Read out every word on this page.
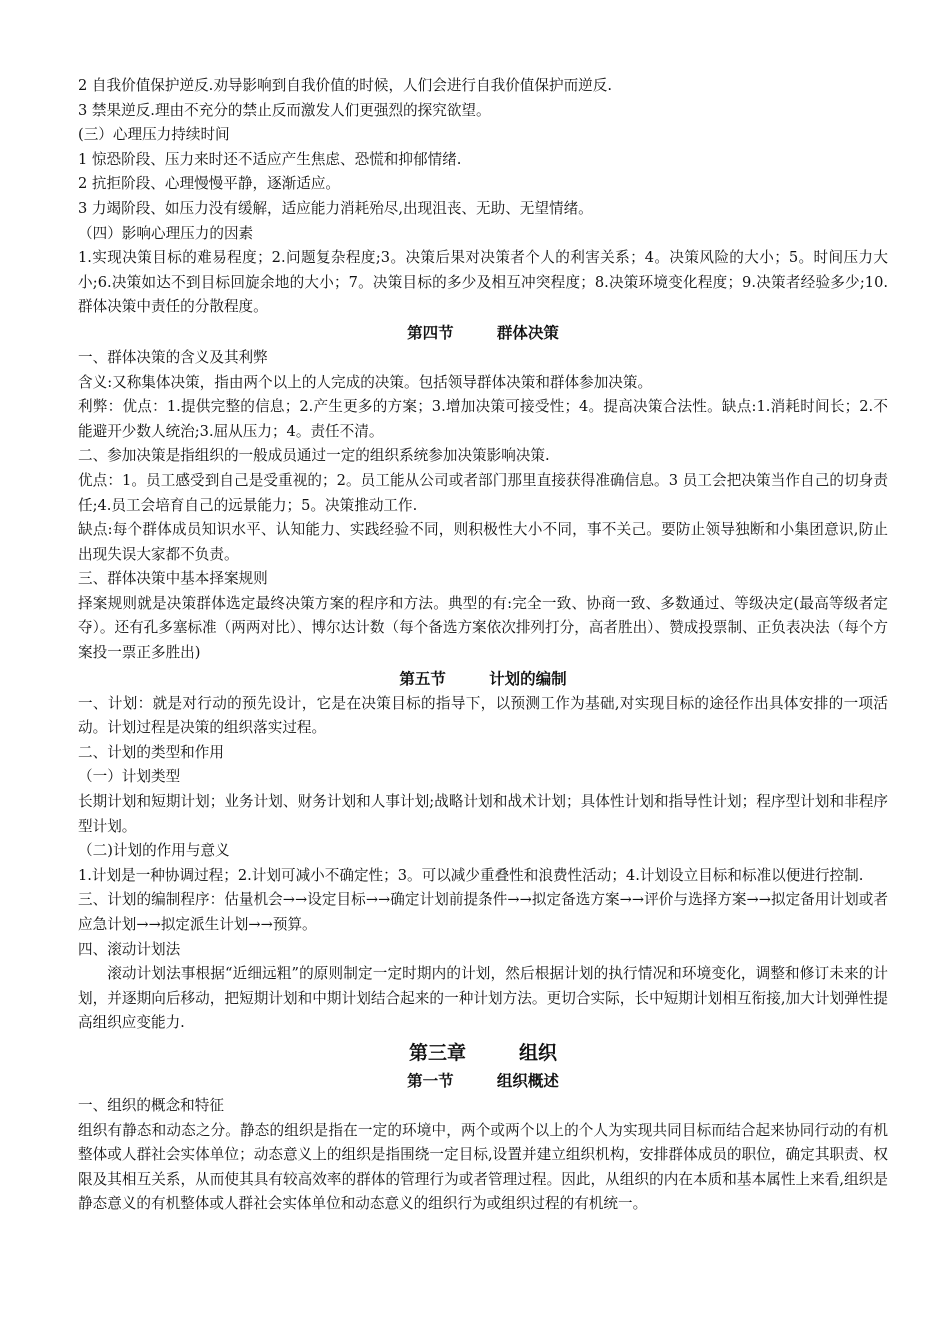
2 自我价值保护逆反.劝导影响到自我价值的时候，人们会进行自我价值保护而逆反.

3 禁果逆反.理由不充分的禁止反而激发人们更强烈的探究欲望。

(三）心理压力持续时间

1 惊恐阶段、压力来时还不适应产生焦虑、恐慌和抑郁情绪.

2 抗拒阶段、心理慢慢平静，逐渐适应。

3 力竭阶段、如压力没有缓解，适应能力消耗殆尽,出现沮丧、无助、无望情绪。

（四）影响心理压力的因素

1.实现决策目标的难易程度；2.问题复杂程度;3。决策后果对决策者个人的利害关系；4。决策风险的大小；5。时间压力大小;6.决策如达不到目标回旋余地的大小；7。决策目标的多少及相互冲突程度；8.决策环境变化程度；9.决策者经验多少;10.群体决策中责任的分散程度。

第四节        群体决策

一、群体决策的含义及其利弊

含义:又称集体决策，指由两个以上的人完成的决策。包括领导群体决策和群体参加决策。

利弊：优点：1.提供完整的信息；2.产生更多的方案；3.增加决策可接受性；4。提高决策合法性。缺点:1.消耗时间长；2.不能避开少数人统治;3.屈从压力；4。责任不清。

二、参加决策是指组织的一般成员通过一定的组织系统参加决策影响决策.

优点：1。员工感受到自己是受重视的；2。员工能从公司或者部门那里直接获得准确信息。3 员工会把决策当作自己的切身责任;4.员工会培育自己的远景能力；5。决策推动工作.

缺点:每个群体成员知识水平、认知能力、实践经验不同，则积极性大小不同，事不关己。要防止领导独断和小集团意识,防止出现失误大家都不负责。

三、群体决策中基本择案规则

择案规则就是决策群体选定最终决策方案的程序和方法。典型的有:完全一致、协商一致、多数通过、等级决定(最高等级者定夺）。还有孔多塞标准（两两对比）、博尔达计数（每个备选方案依次排列打分，高者胜出）、赞成投票制、正负表决法（每个方案投一票正多胜出)

第五节        计划的编制

一、计划：就是对行动的预先设计，它是在决策目标的指导下，以预测工作为基础,对实现目标的途径作出具体安排的一项活动。计划过程是决策的组织落实过程。

二、计划的类型和作用

（一）计划类型

长期计划和短期计划；业务计划、财务计划和人事计划;战略计划和战术计划；具体性计划和指导性计划；程序型计划和非程序型计划。

（二)计划的作用与意义

1.计划是一种协调过程；2.计划可减小不确定性；3。可以减少重叠性和浪费性活动；4.计划设立目标和标准以便进行控制.

三、计划的编制程序：估量机会→→设定目标→→确定计划前提条件→→拟定备选方案→→评价与选择方案→→拟定备用计划或者应急计划→→拟定派生计划→→预算。

四、滚动计划法

滚动计划法事根据“近细远粗”的原则制定一定时期内的计划，然后根据计划的执行情况和环境变化，调整和修订未来的计划，并逐期向后移动，把短期计划和中期计划结合起来的一种计划方法。更切合实际，长中短期计划相互衔接,加大计划弹性提高组织应变能力.

第三章        组织
第一节        组织概述

一、组织的概念和特征

组织有静态和动态之分。静态的组织是指在一定的环境中，两个或两个以上的个人为实现共同目标而结合起来协同行动的有机整体或人群社会实体单位；动态意义上的组织是指围绕一定目标,设置并建立组织机构，安排群体成员的职位，确定其职责、权限及其相互关系，从而使其具有较高效率的群体的管理行为或者管理过程。因此，从组织的内在本质和基本属性上来看,组织是静态意义的有机整体或人群社会实体单位和动态意义的组织行为或组织过程的有机统一。
